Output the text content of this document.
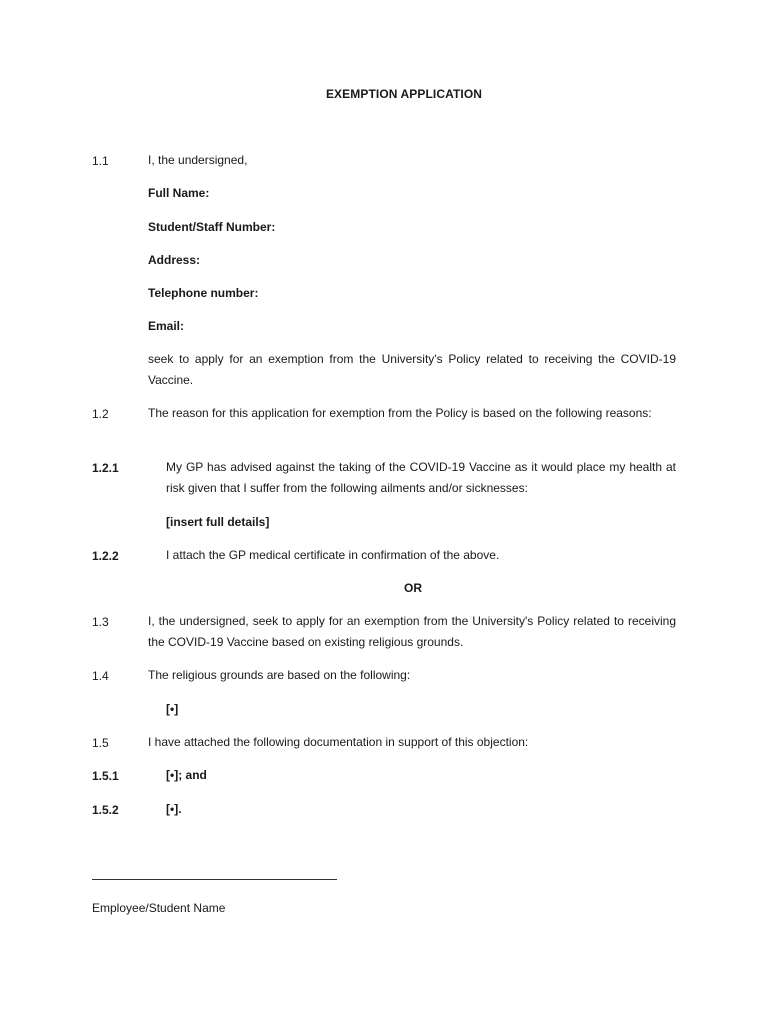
EXEMPTION APPLICATION
1.1	I, the undersigned,
Full Name:
Student/Staff Number:
Address:
Telephone number:
Email:
seek to apply for an exemption from the University's Policy related to receiving the COVID-19 Vaccine.
1.2	The reason for this application for exemption from the Policy is based on the following reasons:
1.2.1	My GP has advised against the taking of the COVID-19 Vaccine as it would place my health at risk given that I suffer from the following ailments and/or sicknesses:
[insert full details]
1.2.2	I attach the GP medical certificate in confirmation of the above.
OR
1.3	I, the undersigned, seek to apply for an exemption from the University's Policy related to receiving the COVID-19 Vaccine based on existing religious grounds.
1.4	The religious grounds are based on the following:
[•]
1.5	I have attached the following documentation in support of this objection:
1.5.1	[•]; and
1.5.2	[•].
Employee/Student Name
